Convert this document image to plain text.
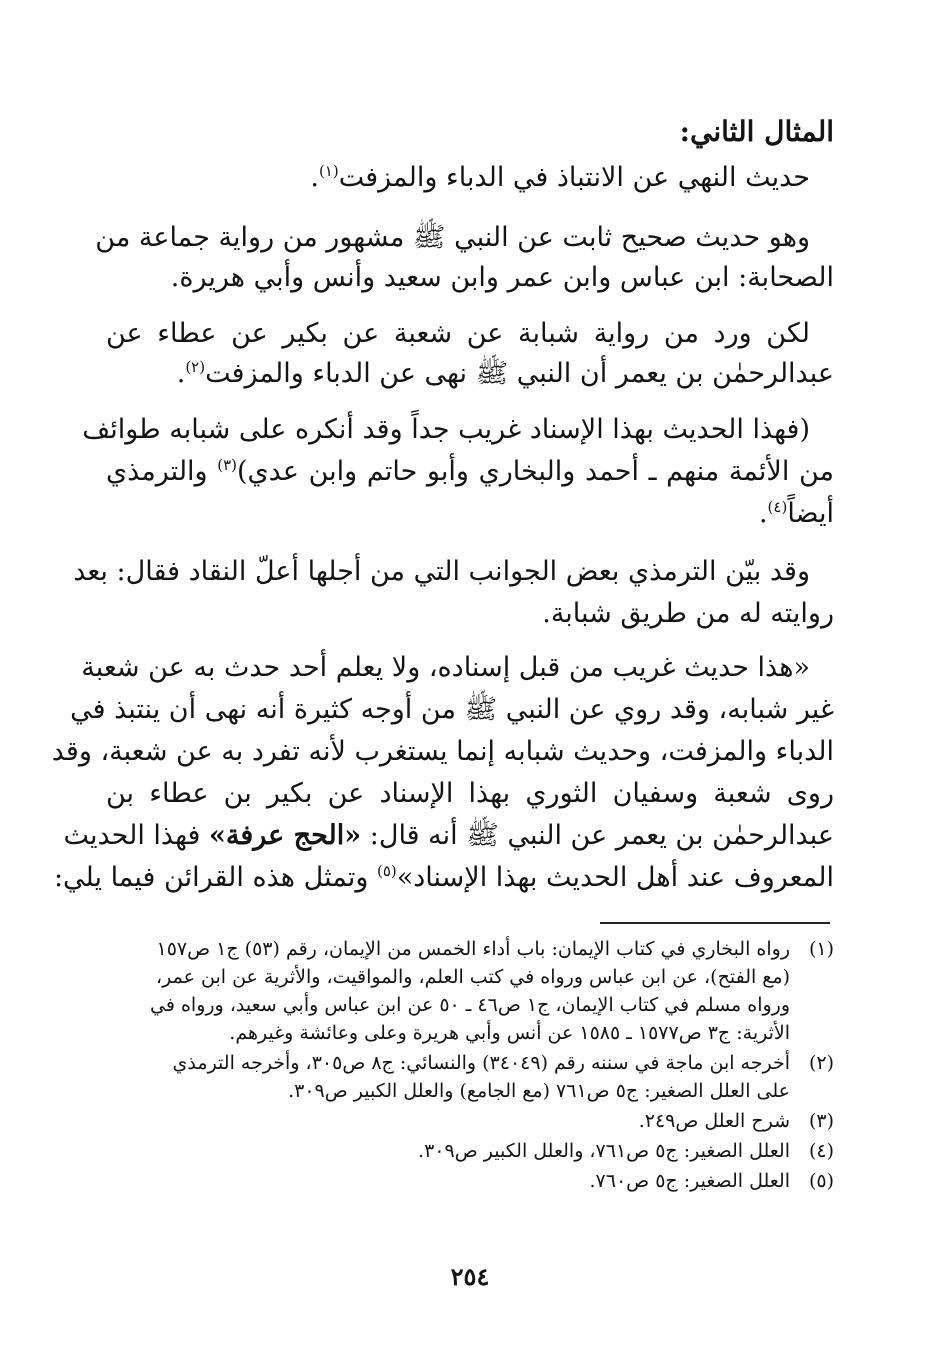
المثال الثاني:
حديث النهي عن الانتباذ في الدباء والمزفت$^{(١)}$.
وهو حديث صحيح ثابت عن النبي ﷺ مشهور من رواية جماعة من
الصحابة: ابن عباس وابن عمر وابن سعيد وأنس وأبي هريرة.
لكن ورد من رواية شبابة عن شعبة عن بكير عن عطاء عن
عبدالرحمٰن بن يعمر أن النبي ﷺ نهى عن الدباء والمزفت$^{(٢)}$.
(فهذا الحديث بهذا الإسناد غريب جداً وقد أنكره على شبابه طوائف
من الأئمة منهم ـ أحمد والبخاري وأبو حاتم وابن عدي)$^{(٣)}$ والترمذي
أيضاً$^{(٤)}$.
وقد بيّن الترمذي بعض الجوانب التي من أجلها أعلّ النقاد فقال: بعد
روايته له من طريق شبابة.
«هذا حديث غريب من قبل إسناده، ولا يعلم أحد حدث به عن شعبة
غير شبابه، وقد روي عن النبي ﷺ من أوجه كثيرة أنه نهى أن ينتبذ في
الدباء والمزفت، وحديث شبابه إنما يستغرب لأنه تفرد به عن شعبة، وقد
روى شعبة وسفيان الثوري بهذا الإسناد عن بكير بن عطاء بن
عبدالرحمٰن بن يعمر عن النبي ﷺ أنه قال: «الحج عرفة» فهذا الحديث
المعروف عند أهل الحديث بهذا الإسناد»$^{(٥)}$ وتمثل هذه القرائن فيما يلي:
(١)رواه البخاري في كتاب الإيمان: باب أداء الخمس من الإيمان، رقم (٥٣) ج١ ص١٥٧
(مع الفتح)، عن ابن عباس ورواه في كتب العلم، والمواقيت، والأثرية عن ابن عمر،
ورواه مسلم في كتاب الإيمان، ج١ ص٤٦ ـ ٥٠ عن ابن عباس وأبي سعيد، ورواه في
الأثرية: ج٣ ص١٥٧٧ ـ ١٥٨٥ عن أنس وأبي هريرة وعلى وعائشة وغيرهم.
(٢)أخرجه ابن ماجة في سننه رقم (٣٤٠٤٩) والنسائي: ج٨ ص٣٠٥، وأخرجه الترمذي
على العلل الصغير: ج٥ ص٧٦١ (مع الجامع) والعلل الكبير ص٣٠٩.
(٣)شرح العلل ص٢٤٩.
(٤)العلل الصغير: ج٥ ص٧٦١، والعلل الكبير ص٣٠٩.
(٥)العلل الصغير: ج٥ ص٧٦٠.
٢٥٤
